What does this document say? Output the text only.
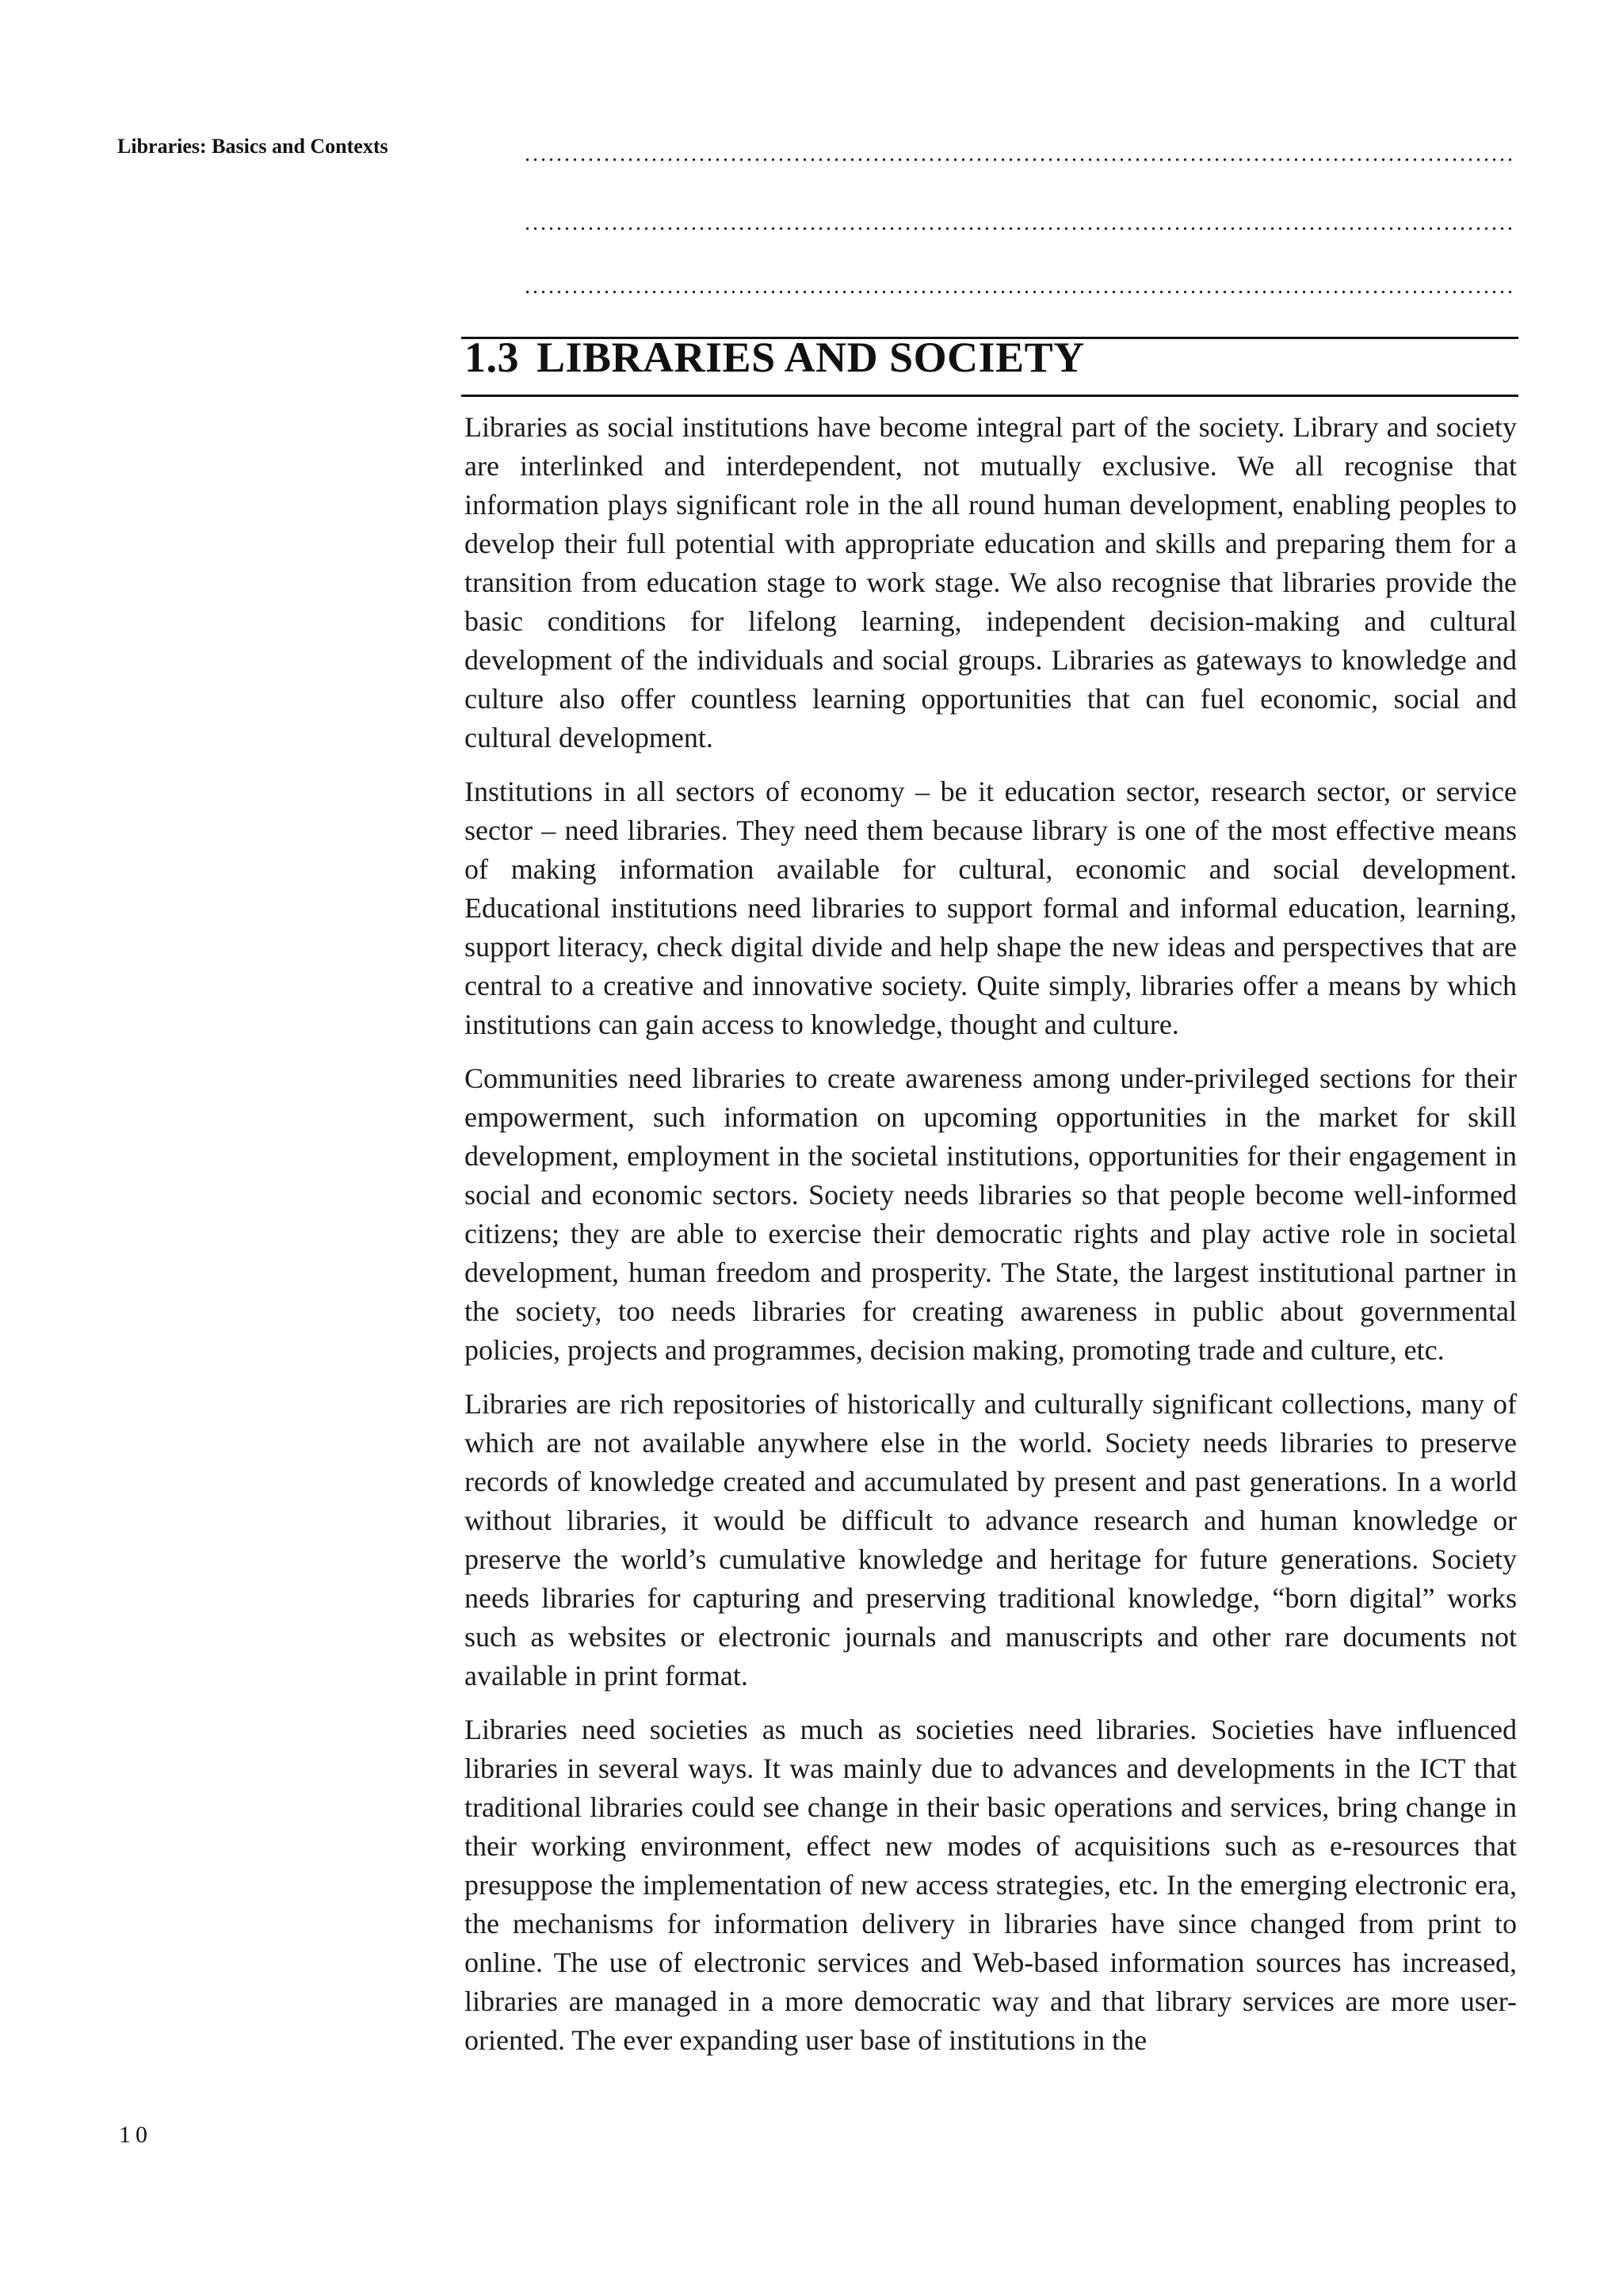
Libraries: Basics and Contexts
.....
.....
.....
1.3 LIBRARIES AND SOCIETY

Libraries as social institutions have become integral part of the society. Library and society are interlinked and interdependent, not mutually exclusive. We all recognise that information plays significant role in the all round human development, enabling peoples to develop their full potential with appropriate education and skills and preparing them for a transition from education stage to work stage. We also recognise that libraries provide the basic conditions for lifelong learning, independent decision-making and cultural development of the individuals and social groups. Libraries as gateways to knowledge and culture also offer countless learning opportunities that can fuel economic, social and cultural development.

Institutions in all sectors of economy – be it education sector, research sector, or service sector – need libraries. They need them because library is one of the most effective means of making information available for cultural, economic and social development. Educational institutions need libraries to support formal and informal education, learning, support literacy, check digital divide and help shape the new ideas and perspectives that are central to a creative and innovative society. Quite simply, libraries offer a means by which institutions can gain access to knowledge, thought and culture.

Communities need libraries to create awareness among under-privileged sections for their empowerment, such information on upcoming opportunities in the market for skill development, employment in the societal institutions, opportunities for their engagement in social and economic sectors. Society needs libraries so that people become well-informed citizens; they are able to exercise their democratic rights and play active role in societal development, human freedom and prosperity. The State, the largest institutional partner in the society, too needs libraries for creating awareness in public about governmental policies, projects and programmes, decision making, promoting trade and culture, etc.

Libraries are rich repositories of historically and culturally significant collections, many of which are not available anywhere else in the world. Society needs libraries to preserve records of knowledge created and accumulated by present and past generations. In a world without libraries, it would be difficult to advance research and human knowledge or preserve the world’s cumulative knowledge and heritage for future generations. Society needs libraries for capturing and preserving traditional knowledge, “born digital” works such as websites or electronic journals and manuscripts and other rare documents not available in print format.

Libraries need societies as much as societies need libraries. Societies have influenced libraries in several ways. It was mainly due to advances and developments in the ICT that traditional libraries could see change in their basic operations and services, bring change in their working environment, effect new modes of acquisitions such as e-resources that presuppose the implementation of new access strategies, etc. In the emerging electronic era, the mechanisms for information delivery in libraries have since changed from print to online. The use of electronic services and Web-based information sources has increased, libraries are managed in a more democratic way and that library services are more user-oriented. The ever expanding user base of institutions in the

10
